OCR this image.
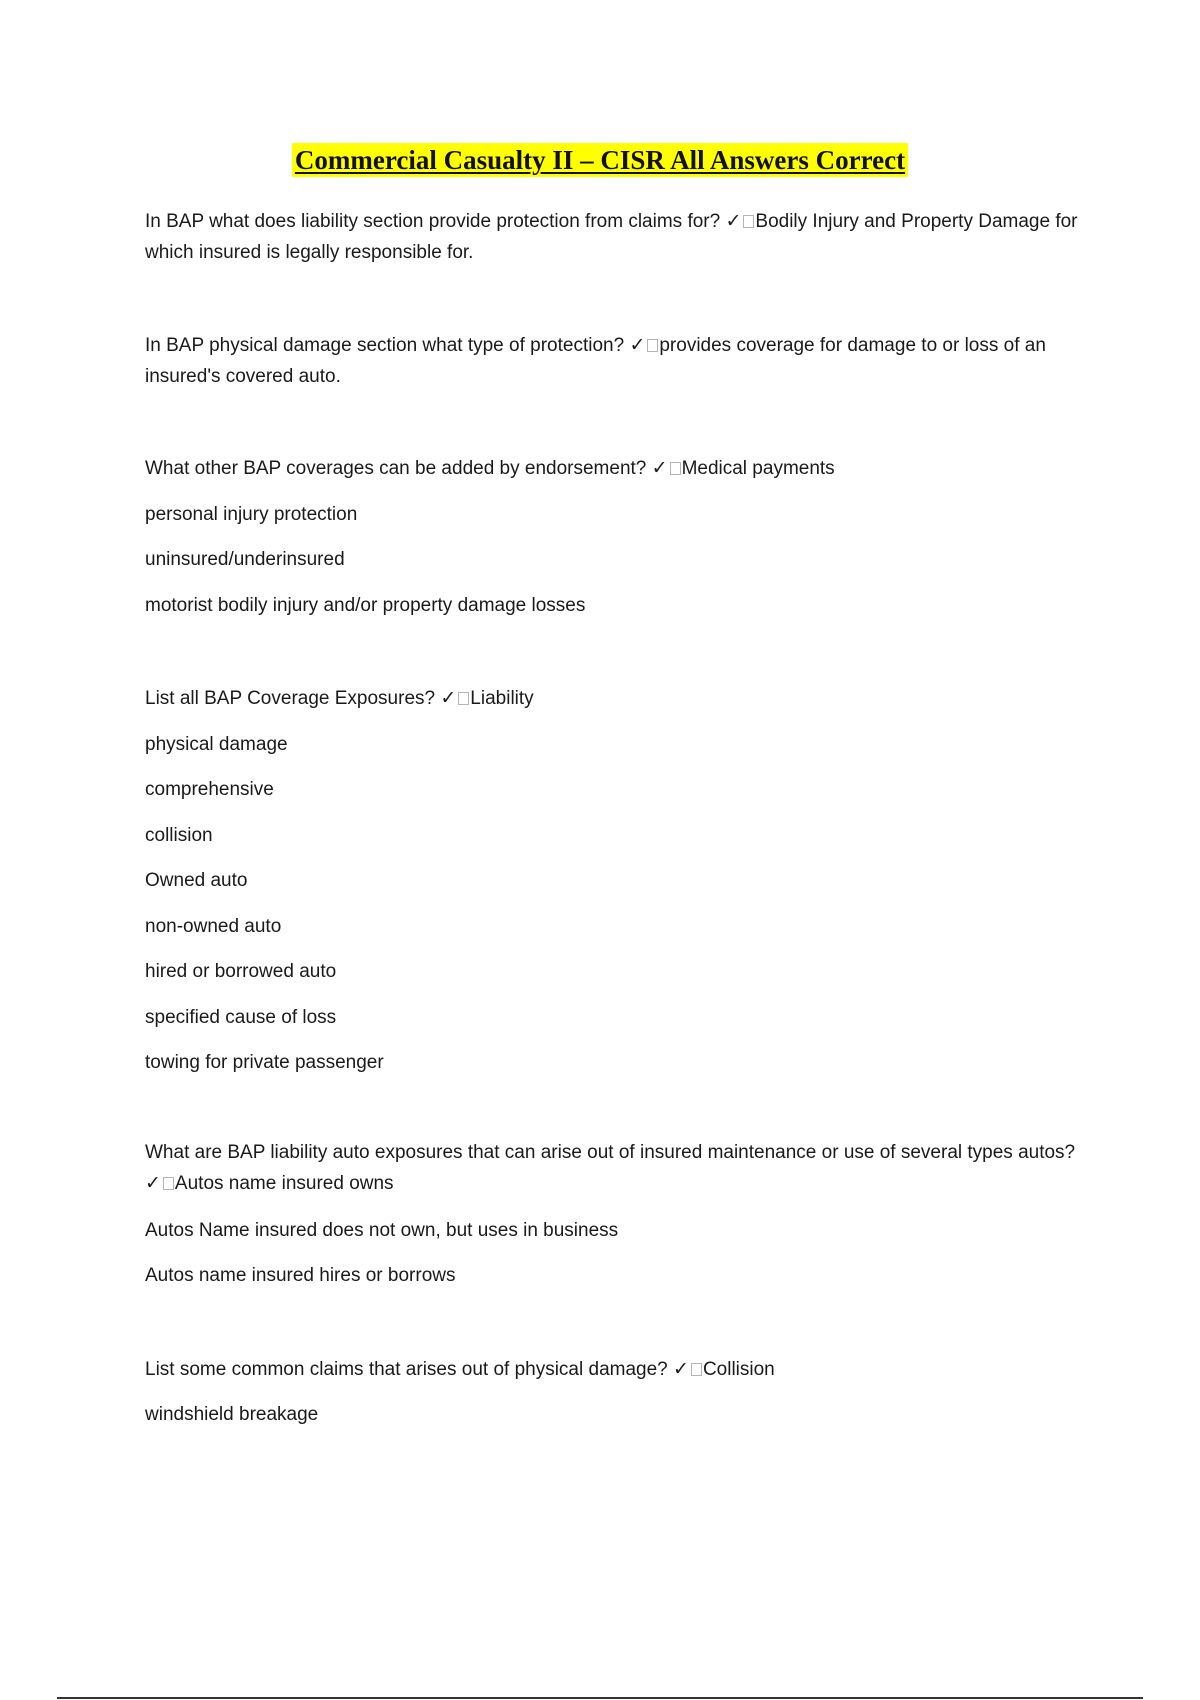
Commercial Casualty II – CISR All Answers Correct
In BAP what does liability section provide protection from claims for? ✓ Bodily Injury and Property Damage for which insured is legally responsible for.
In BAP physical damage section what type of protection? ✓ provides coverage for damage to or loss of an insured's covered auto.
What other BAP coverages can be added by endorsement? ✓ Medical payments
personal injury protection
uninsured/underinsured
motorist bodily injury and/or property damage losses
List all BAP Coverage Exposures? ✓ Liability
physical damage
comprehensive
collision
Owned auto
non-owned auto
hired or borrowed auto
specified cause of loss
towing for private passenger
What are BAP liability auto exposures that can arise out of insured maintenance or use of several types autos? ✓ Autos name insured owns
Autos Name insured does not own, but uses in business
Autos name insured hires or borrows
List some common claims that arises out of physical damage? ✓ Collision
windshield breakage
